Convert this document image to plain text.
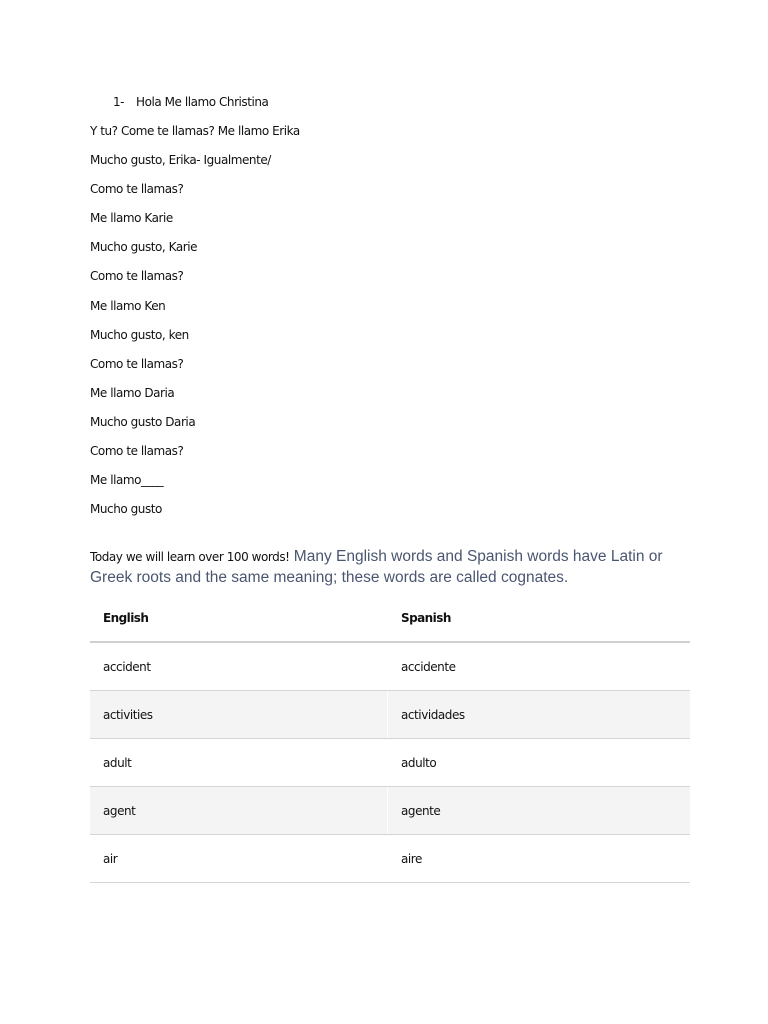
1- Hola Me llamo Christina
Y tu? Come te llamas? Me llamo Erika
Mucho gusto, Erika- Igualmente/
Como te llamas?
Me llamo Karie
Mucho gusto, Karie
Como te llamas?
Me llamo Ken
Mucho gusto, ken
Como te llamas?
Me llamo Daria
Mucho gusto Daria
Como te llamas?
Me llamo____
Mucho gusto
Today we will learn over 100 words! Many English words and Spanish words have Latin or Greek roots and the same meaning; these words are called cognates.
English	Spanish
accident	accidente
activities	actividades
adult	adulto
agent	agente
air	aire
